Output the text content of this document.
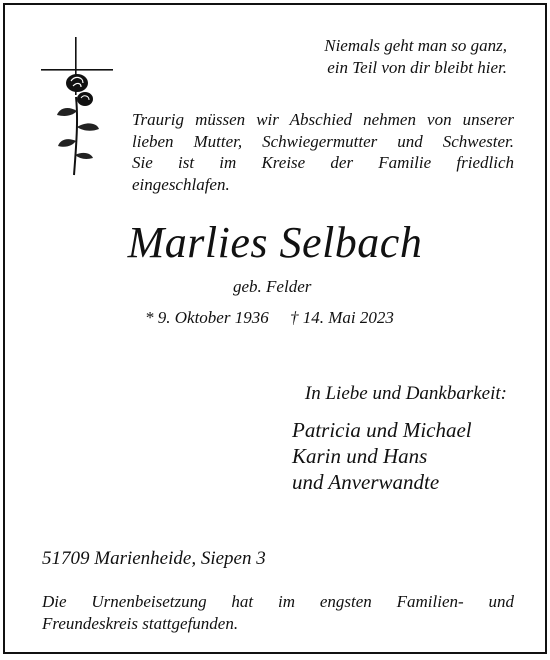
Niemals geht man so ganz,
ein Teil von dir bleibt hier.
Traurig müssen wir Abschied nehmen von unserer
lieben Mutter, Schwiegermutter und Schwester.
Sie ist im Kreise der Familie friedlich
eingeschlafen.
Marlies Selbach
geb. Felder
* 9. Oktober 1936     † 14. Mai 2023
In Liebe und Dankbarkeit:
Patricia und Michael
Karin und Hans
und Anverwandte
51709 Marienheide, Siepen 3
Die Urnenbeisetzung hat im engsten Familien- und
Freundeskreis stattgefunden.
